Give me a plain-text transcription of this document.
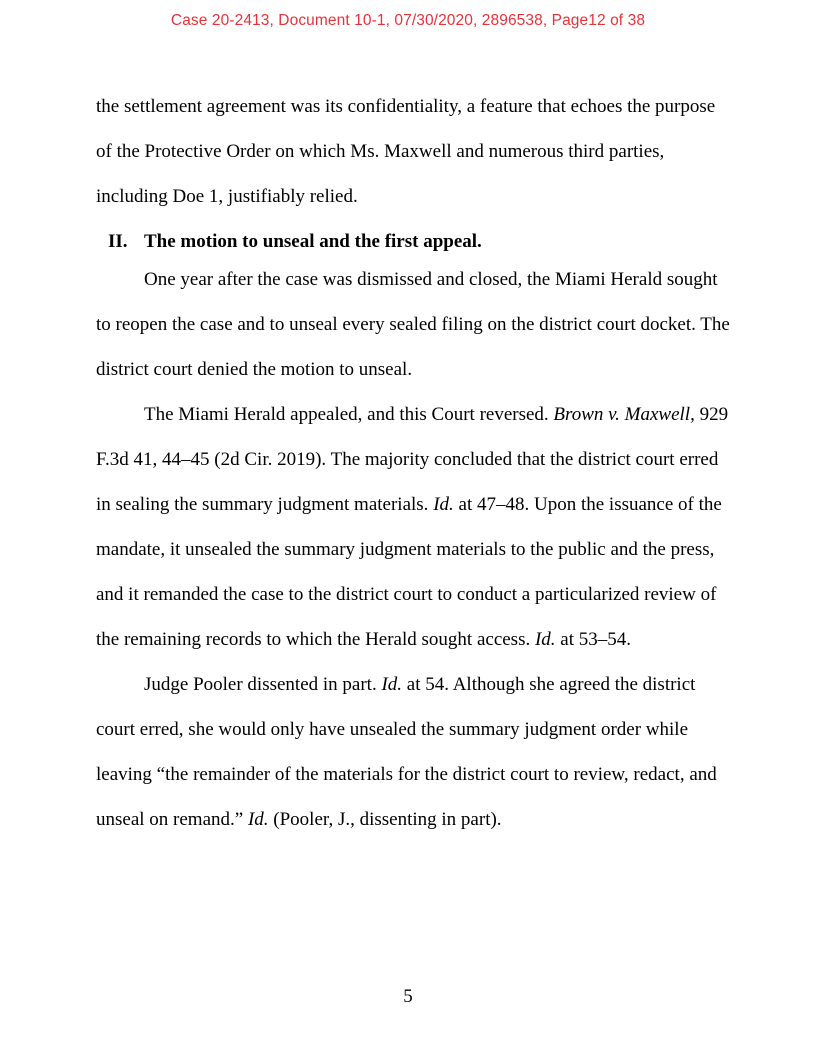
Case 20-2413, Document 10-1, 07/30/2020, 2896538, Page12 of 38
the settlement agreement was its confidentiality, a feature that echoes the purpose
of the Protective Order on which Ms. Maxwell and numerous third parties,
including Doe 1, justifiably relied.
II. The motion to unseal and the first appeal.
One year after the case was dismissed and closed, the Miami Herald sought
to reopen the case and to unseal every sealed filing on the district court docket. The
district court denied the motion to unseal.
The Miami Herald appealed, and this Court reversed. Brown v. Maxwell, 929
F.3d 41, 44–45 (2d Cir. 2019). The majority concluded that the district court erred
in sealing the summary judgment materials. Id. at 47–48. Upon the issuance of the
mandate, it unsealed the summary judgment materials to the public and the press,
and it remanded the case to the district court to conduct a particularized review of
the remaining records to which the Herald sought access. Id. at 53–54.
Judge Pooler dissented in part. Id. at 54. Although she agreed the district
court erred, she would only have unsealed the summary judgment order while
leaving “the remainder of the materials for the district court to review, redact, and
unseal on remand.” Id. (Pooler, J., dissenting in part).
5
